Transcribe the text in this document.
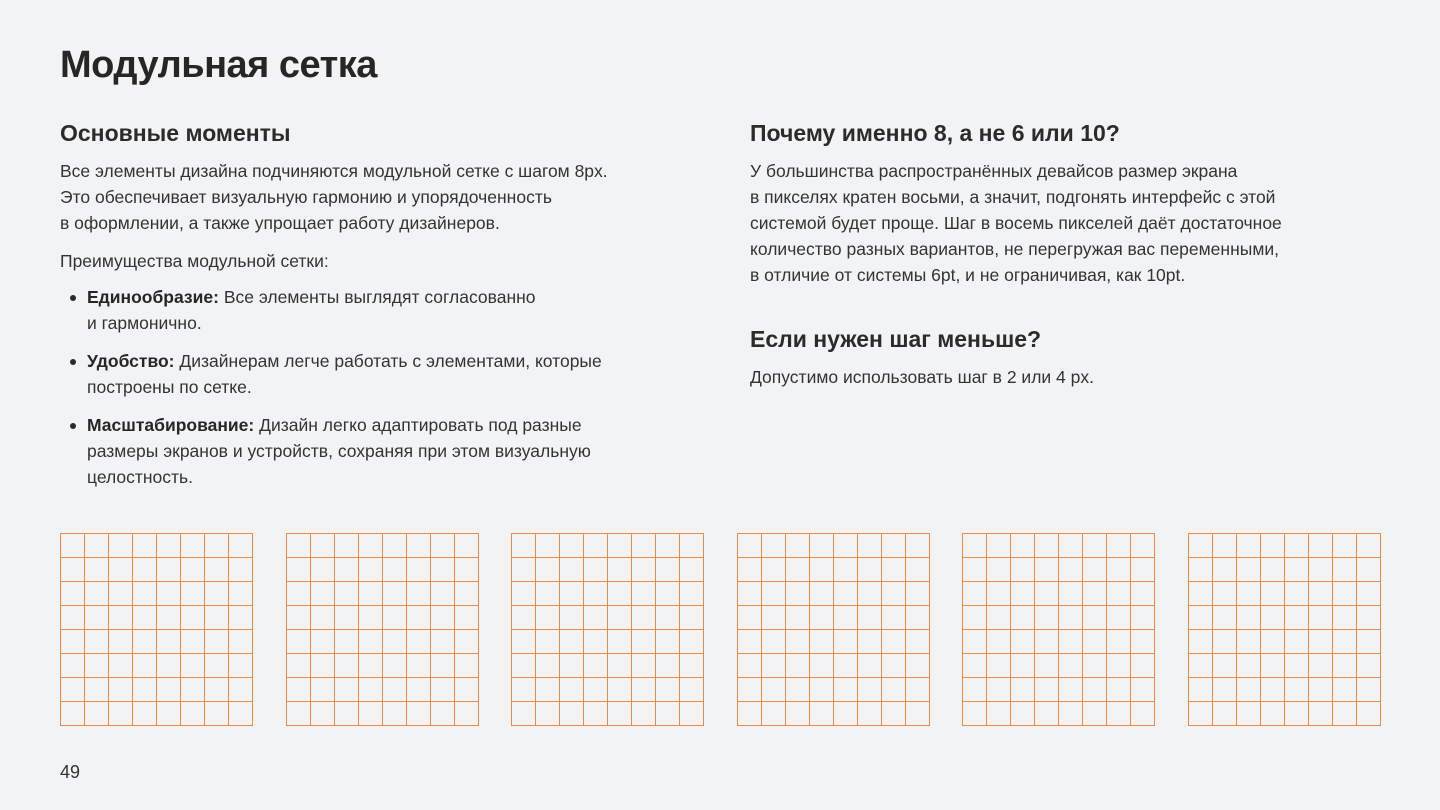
Модульная сетка
Основные моменты

Все элементы дизайна подчиняются модульной сетке с шагом 8px.
Это обеспечивает визуальную гармонию и упорядоченность
в оформлении, а также упрощает работу дизайнеров.

Преимущества модульной сетки:

Единообразие: Все элементы выглядят согласованно
и гармонично.
Удобство: Дизайнерам легче работать с элементами, которые
построены по сетке.
Масштабирование: Дизайн легко адаптировать под разные
размеры экранов и устройств, сохраняя при этом визуальную
целостность.
Почему именно 8, а не 6 или 10?

У большинства распространённых девайсов размер экрана
в пикселях кратен восьми, а значит, подгонять интерфейс с этой
системой будет проще. Шаг в восемь пикселей даёт достаточное
количество разных вариантов, не перегружая вас переменными,
в отличие от системы 6pt, и не ограничивая, как 10pt.

Если нужен шаг меньше?

Допустимо использовать шаг в 2 или 4 px.

49
